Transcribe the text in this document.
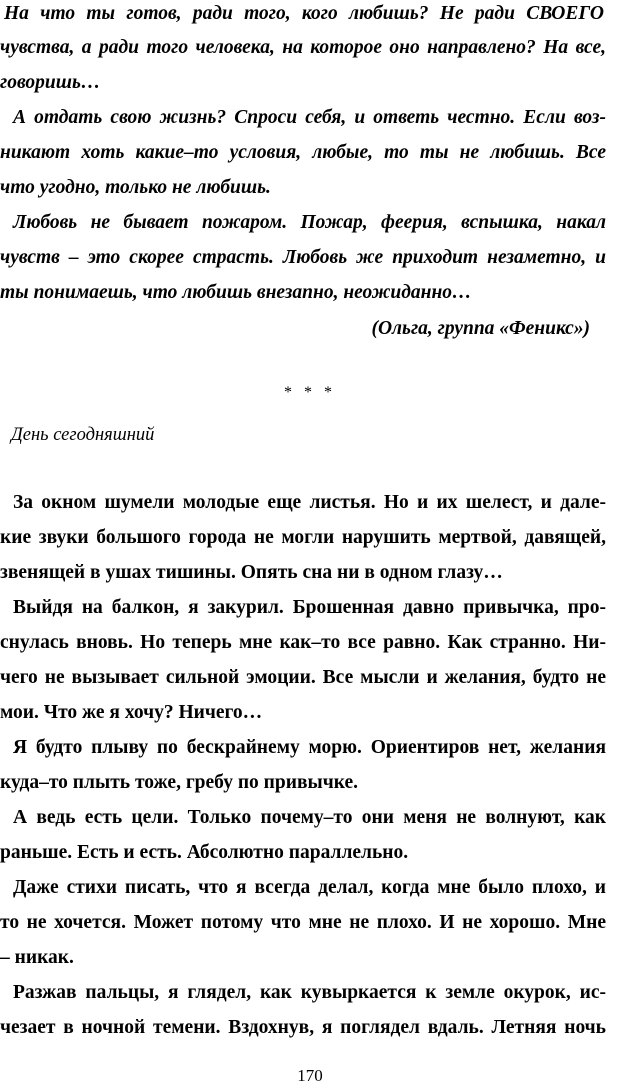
На что ты готов, ради того, кого любишь? Не ради СВОЕГО
чувства, а ради того человека, на которое оно направлено? На все,
говоришь…
А отдать свою жизнь? Спроси себя, и ответь честно. Если воз-
никают хоть какие–то условия, любые, то ты не любишь. Все
что угодно, только не любишь.
Любовь не бывает пожаром. Пожар, феерия, вспышка, накал
чувств – это скорее страсть. Любовь же приходит незаметно, и
ты понимаешь, что любишь внезапно, неожиданно…
(Ольга, группа «Феникс»)
* * *
День сегодняшний
За окном шумели молодые еще листья. Но и их шелест, и дале-
кие звуки большого города не могли нарушить мертвой, давящей,
звенящей в ушах тишины. Опять сна ни в одном глазу…
Выйдя на балкон, я закурил. Брошенная давно привычка, про-
снулась вновь. Но теперь мне как–то все равно. Как странно. Ни-
чего не вызывает сильной эмоции. Все мысли и желания, будто не
мои. Что же я хочу? Ничего…
Я будто плыву по бескрайнему морю. Ориентиров нет, желания
куда–то плыть тоже, гребу по привычке.
А ведь есть цели. Только почему–то они меня не волнуют, как
раньше. Есть и есть. Абсолютно параллельно.
Даже стихи писать, что я всегда делал, когда мне было плохо, и
то не хочется. Может потому что мне не плохо. И не хорошо. Мне
– никак.
Разжав пальцы, я глядел, как кувыркается к земле окурок, ис-
чезает в ночной темени. Вздохнув, я поглядел вдаль. Летняя ночь
170
